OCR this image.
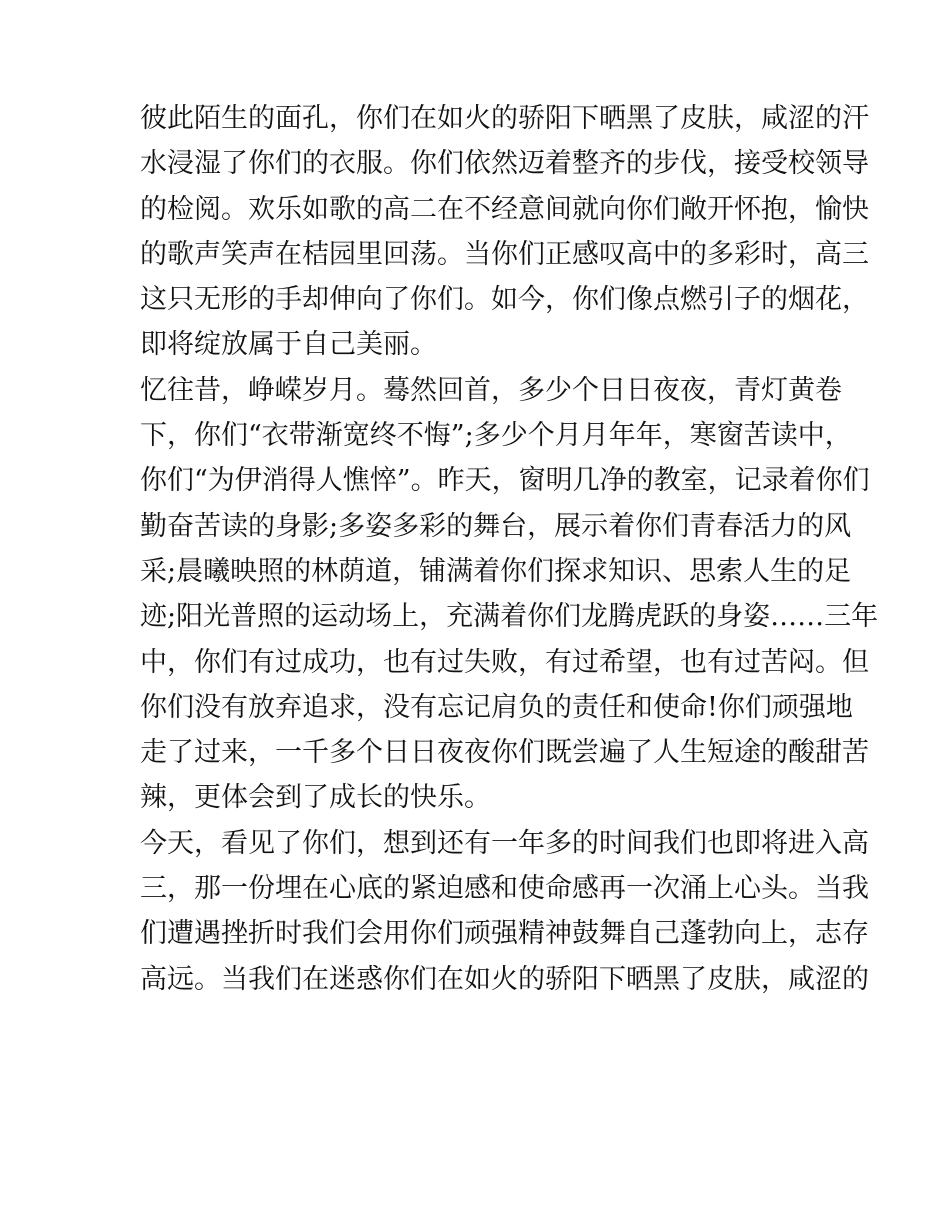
彼此陌生的面孔，你们在如火的骄阳下晒黑了皮肤，咸涩的汗
水浸湿了你们的衣服。你们依然迈着整齐的步伐，接受校领导
的检阅。欢乐如歌的高二在不经意间就向你们敞开怀抱，愉快
的歌声笑声在桔园里回荡。当你们正感叹高中的多彩时，高三
这只无形的手却伸向了你们。如今，你们像点燃引子的烟花，
即将绽放属于自己美丽。

忆往昔，峥嵘岁月。蓦然回首，多少个日日夜夜，青灯黄卷
下，你们“衣带渐宽终不悔”;多少个月月年年，寒窗苦读中，
你们“为伊消得人憔悴”。昨天，窗明几净的教室，记录着你们
勤奋苦读的身影;多姿多彩的舞台，展示着你们青春活力的风
采;晨曦映照的林荫道，铺满着你们探求知识、思索人生的足
迹;阳光普照的运动场上，充满着你们龙腾虎跃的身姿……三年
中，你们有过成功，也有过失败，有过希望，也有过苦闷。但
你们没有放弃追求，没有忘记肩负的责任和使命!你们顽强地
走了过来，一千多个日日夜夜你们既尝遍了人生短途的酸甜苦
辣，更体会到了成长的快乐。

今天，看见了你们，想到还有一年多的时间我们也即将进入高
三，那一份埋在心底的紧迫感和使命感再一次涌上心头。当我
们遭遇挫折时我们会用你们顽强精神鼓舞自己蓬勃向上，志存
高远。当我们在迷惑你们在如火的骄阳下晒黑了皮肤，咸涩的
